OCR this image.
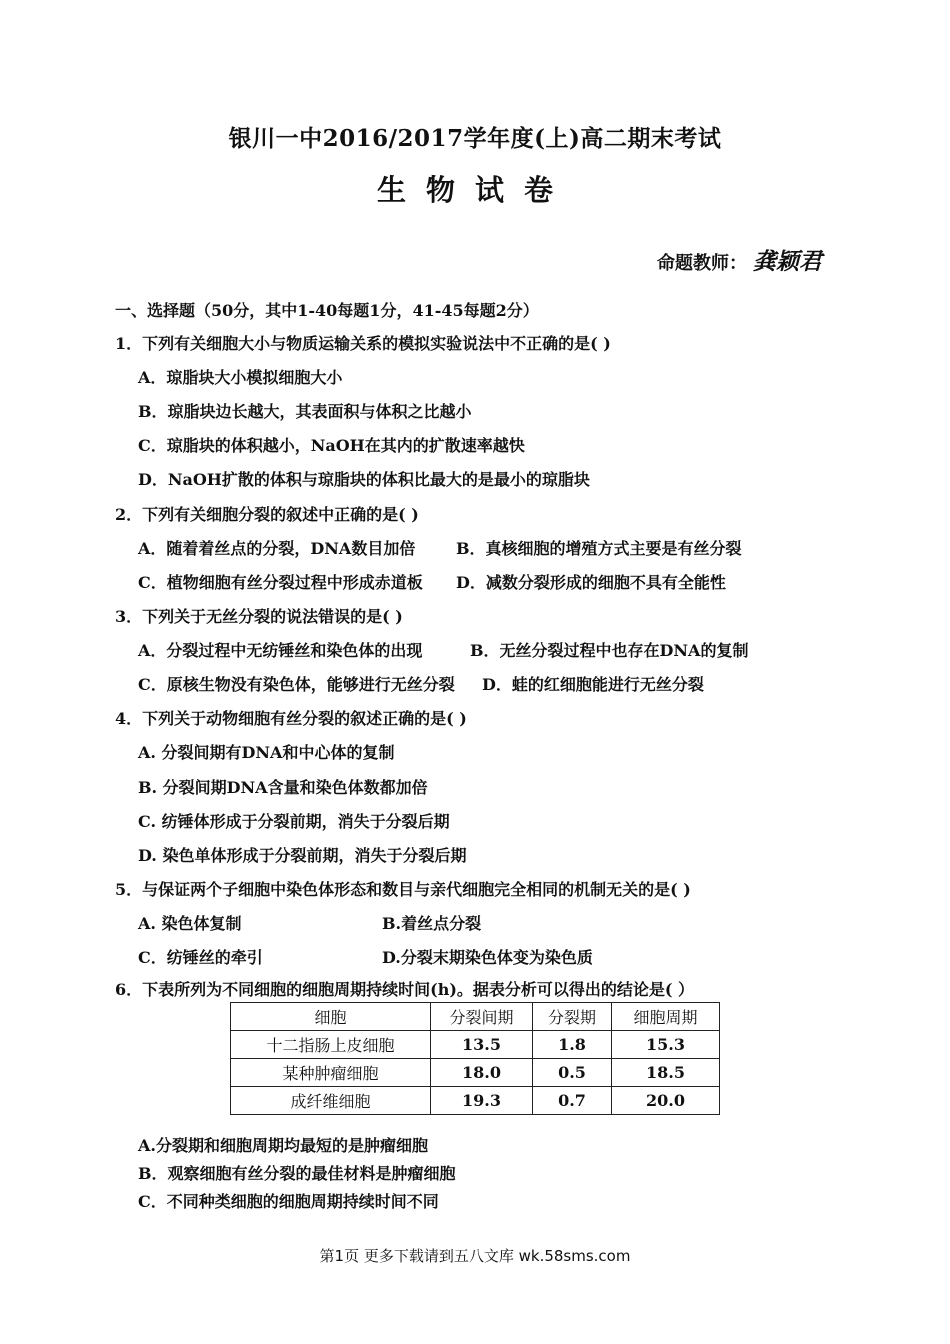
银川一中2016/2017学年度(上)高二期末考试
生物试卷
命题教师： 龚颖君
一、选择题（50分，其中1-40每题1分，41-45每题2分）
1．下列有关细胞大小与物质运输关系的模拟实验说法中不正确的是( )
A．琼脂块大小模拟细胞大小
B．琼脂块边长越大，其表面积与体积之比越小
C．琼脂块的体积越小，NaOH在其内的扩散速率越快
D．NaOH扩散的体积与琼脂块的体积比最大的是最小的琼脂块
2．下列有关细胞分裂的叙述中正确的是( )
A．随着着丝点的分裂，DNA数目加倍	B．真核细胞的增殖方式主要是有丝分裂
C．植物细胞有丝分裂过程中形成赤道板 D．减数分裂形成的细胞不具有全能性
3．下列关于无丝分裂的说法错误的是( )
A．分裂过程中无纺锤丝和染色体的出现	B．无丝分裂过程中也存在DNA的复制
C．原核生物没有染色体，能够进行无丝分裂 D．蛙的红细胞能进行无丝分裂
4．下列关于动物细胞有丝分裂的叙述正确的是( )
A. 分裂间期有DNA和中心体的复制
B. 分裂间期DNA含量和染色体数都加倍
C. 纺锤体形成于分裂前期，消失于分裂后期
D. 染色单体形成于分裂前期，消失于分裂后期
5．与保证两个子细胞中染色体形态和数目与亲代细胞完全相同的机制无关的是( )
A. 染色体复制	B.着丝点分裂
C．纺锤丝的牵引	D.分裂末期染色体变为染色质
6．下表所列为不同细胞的细胞周期持续时间(h)。据表分析可以得出的结论是( ）
细胞	分裂间期	分裂期	细胞周期
十二指肠上皮细胞	13.5	1.8	15.3
某种肿瘤细胞	18.0	0.5	18.5
成纤维细胞	19.3	0.7	20.0
A.分裂期和细胞周期均最短的是肿瘤细胞
B．观察细胞有丝分裂的最佳材料是肿瘤细胞
C．不同种类细胞的细胞周期持续时间不同
第1页 更多下载请到五八文库 wk.58sms.com
